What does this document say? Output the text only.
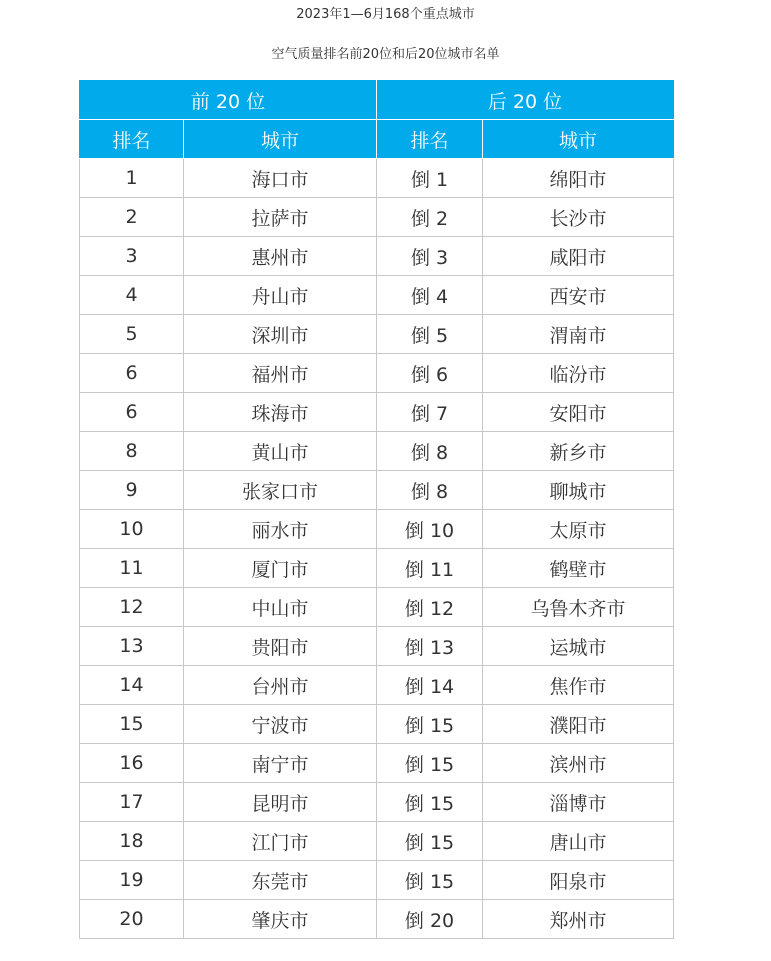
2023年1—6月168个重点城市
空气质量排名前20位和后20位城市名单
前 20 位		后 20 位	
排名	城市	排名	城市
1	海口市	倒 1	绵阳市
2	拉萨市	倒 2	长沙市
3	惠州市	倒 3	咸阳市
4	舟山市	倒 4	西安市
5	深圳市	倒 5	渭南市
6	福州市	倒 6	临汾市
6	珠海市	倒 7	安阳市
8	黄山市	倒 8	新乡市
9	张家口市	倒 8	聊城市
10	丽水市	倒 10	太原市
11	厦门市	倒 11	鹤壁市
12	中山市	倒 12	乌鲁木齐市
13	贵阳市	倒 13	运城市
14	台州市	倒 14	焦作市
15	宁波市	倒 15	濮阳市
16	南宁市	倒 15	滨州市
17	昆明市	倒 15	淄博市
18	江门市	倒 15	唐山市
19	东莞市	倒 15	阳泉市
20	肇庆市	倒 20	郑州市
